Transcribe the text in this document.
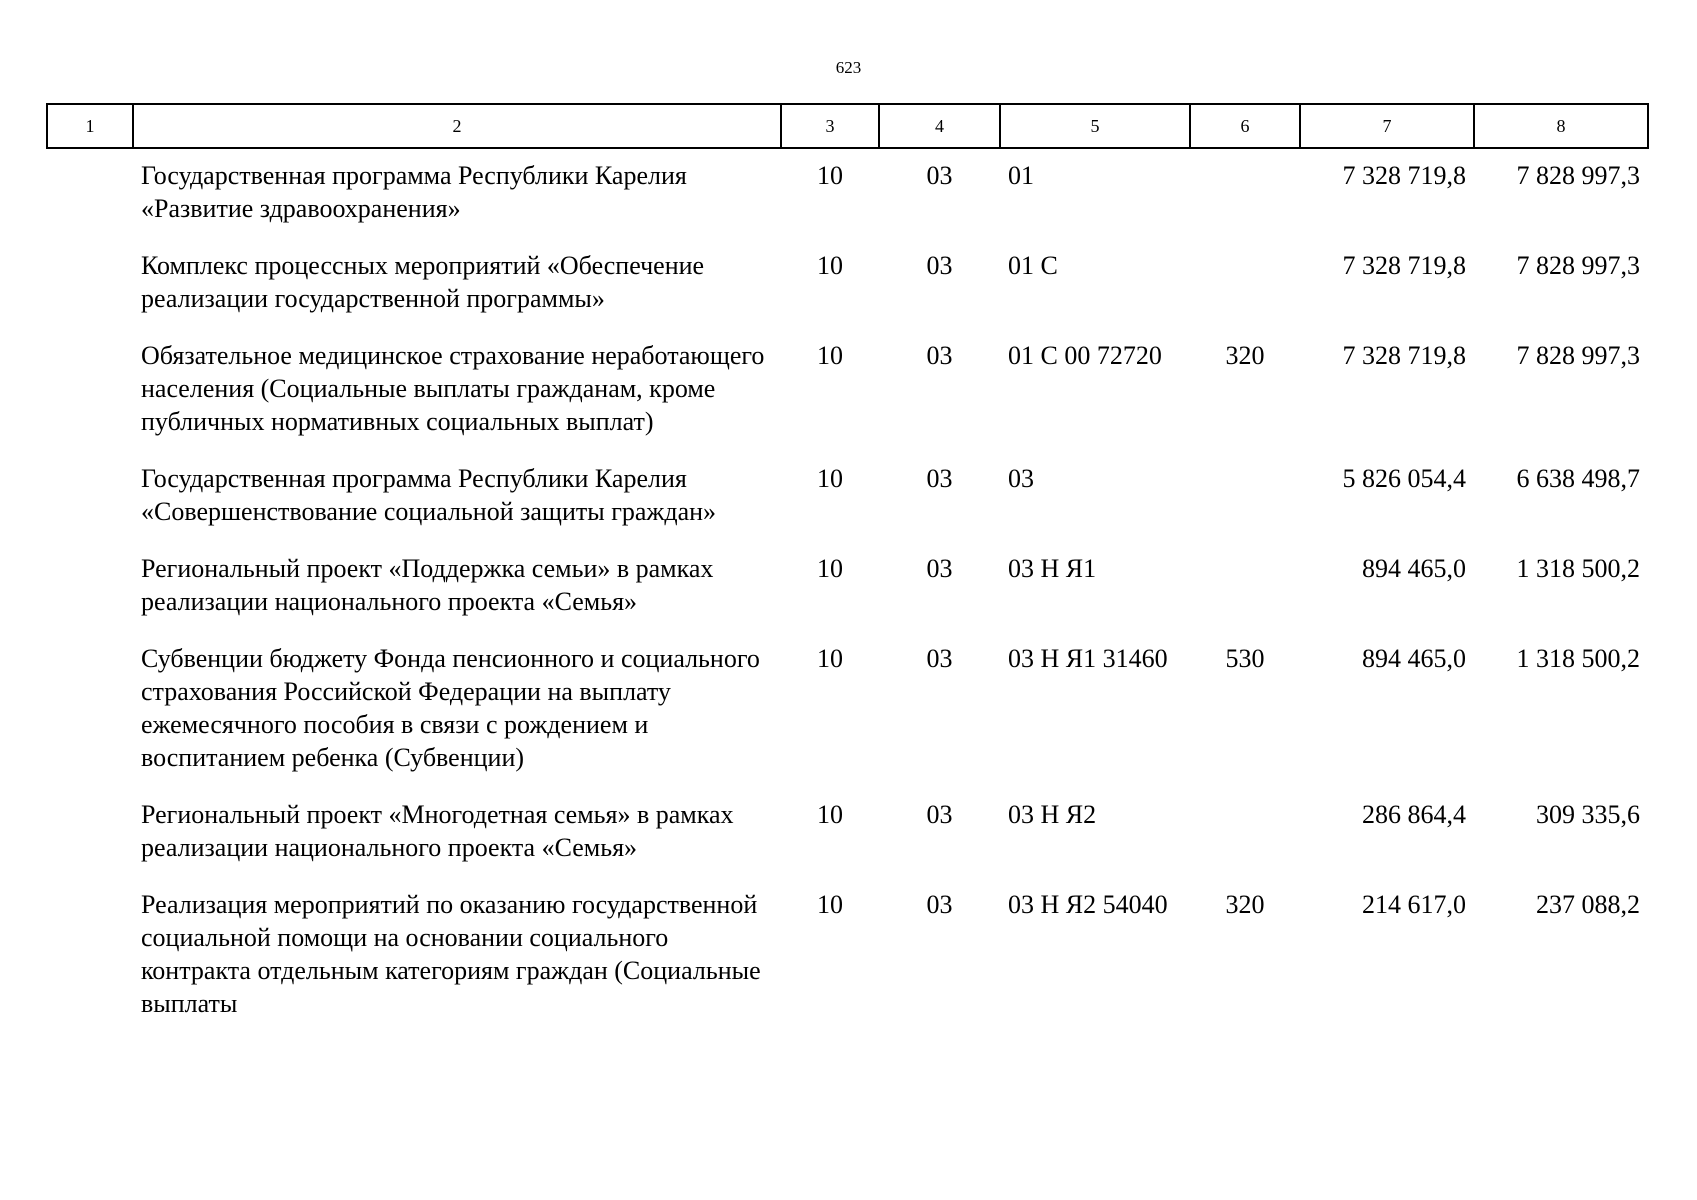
623
1	2	3	4	5	6	7	8
	Государственная программа Республики Карелия «Развитие здравоохранения»	10	03	01		7 328 719,8	7 828 997,3
	Комплекс процессных мероприятий «Обеспечение реализации государственной программы»	10	03	01 С		7 328 719,8	7 828 997,3
	Обязательное медицинское страхование неработающего населения (Социальные выплаты гражданам, кроме публичных нормативных социальных выплат)	10	03	01 С 00 72720	320	7 328 719,8	7 828 997,3
	Государственная программа Республики Карелия «Совершенствование социальной защиты граждан»	10	03	03		5 826 054,4	6 638 498,7
	Региональный проект «Поддержка семьи» в рамках реализации национального проекта «Семья»	10	03	03 Н Я1		894 465,0	1 318 500,2
	Субвенции бюджету Фонда пенсионного и социального страхования Российской Федерации на выплату ежемесячного пособия в связи с рождением и воспитанием ребенка (Субвенции)	10	03	03 Н Я1 31460	530	894 465,0	1 318 500,2
	Региональный проект «Многодетная семья» в рамках реализации национального проекта «Семья»	10	03	03 Н Я2		286 864,4	309 335,6
	Реализация мероприятий по оказанию государственной социальной помощи на основании социального контракта отдельным категориям граждан (Социальные выплаты	10	03	03 Н Я2 54040	320	214 617,0	237 088,2
